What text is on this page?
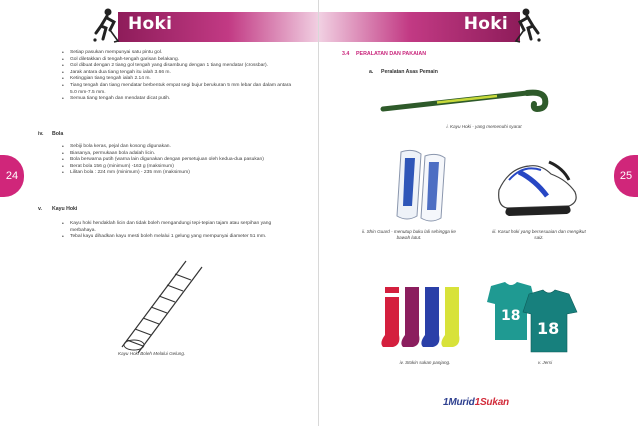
Hoki
24
• Setiap pasukan mempunyai satu pintu gol.
• Gol diletakkan di tengah-tengah garisan belakang.
• Gol dibuat dengan 2 tiang gol tengah yang disambung dengan 1 tiang mendatar (crossbar).
• Jarak antara dua tiang tengah itu ialah 3.66 m.
• Ketinggian tiang tengah ialah 2.14 m.
• Tiang tengah dan tiang mendatar berbentuk empat segi bujur berukuran 5 mm lebar dan dalam antara 5.0 mm-7.5 mm.
• Semua tiang tengah dan mendatar dicat putih.
iv. Bola
• Sebiji bola keras, pejal dan kosong digunakan.
• Biasanya, permukaan bola adalah licin.
• Bola berwarna putih (warna lain digunakan dengan persetujuan oleh kedua-dua pasukan)
• Berat bola 156 g (minimum) -163 g (maksimum)
• Lilitan bola : 224 mm (minimum) - 235 mm (maksimum)
v. Kayu Hoki
• Kayu hoki hendaklah licin dan tidak boleh mengandungi tepi-tepian tajam atau serpihan yang merbahaya.
• Tebal kayu dihadkan kayu mesti boleh melalui 1 gelung yang mempunyai diameter 51 mm.
Kayu Hoki Boleh Melalui Gelung.
Hoki
25
3.4 PERALATAN DAN PAKAIAN
a. Peralatan Asas Pemain
i. Kayu Hoki - yang memenuhi syarat
ii. Shin Guard - menutup buku lali sehingga ke bawah lutut.
iii. Kasut hoki yang bersesuaian dan mengikut saiz.
iv. Stokin sukan panjang.
18
18
v. Jersi
1Murid1Sukan
